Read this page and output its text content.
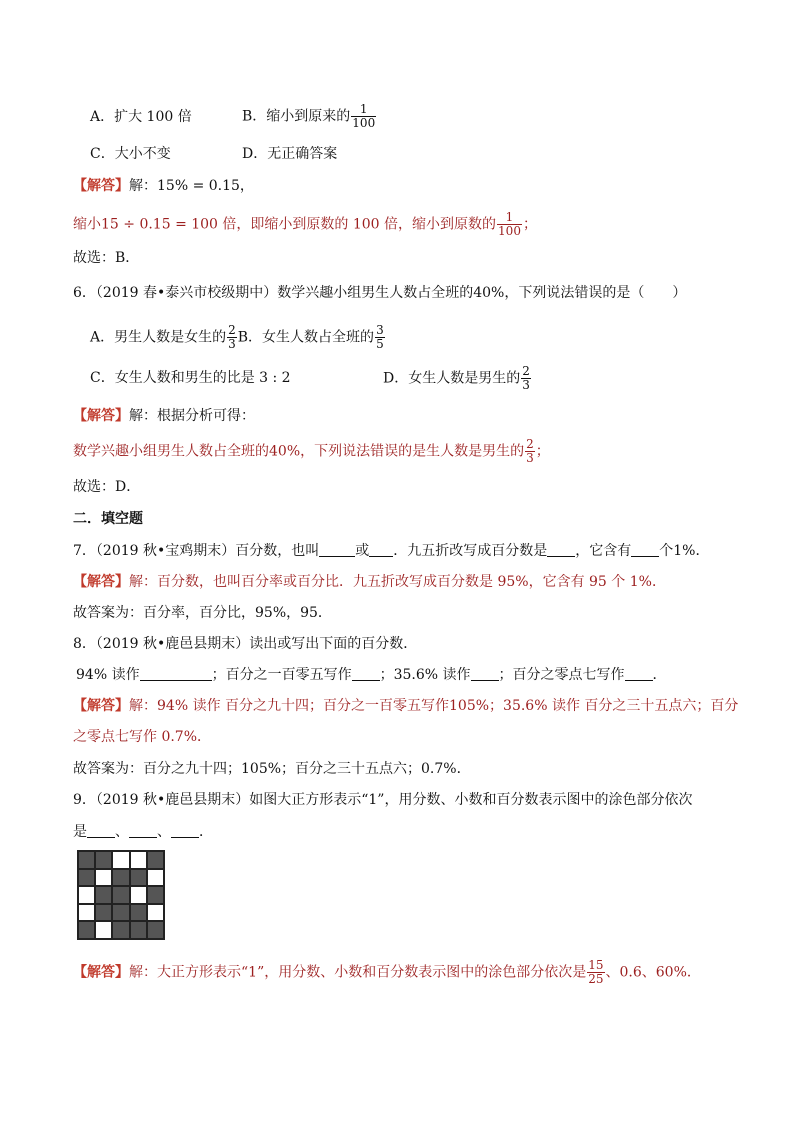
A．扩大 100 倍	B．缩小到原来的 $\frac{1}{100}$
C．大小不变	D．无正确答案
【解答】解：15% = 0.15，
缩小15 ÷ 0.15 = 100 倍，即缩小到原数的 100 倍，缩小到原数的 $\frac{1}{100}$ ；
故选：B．
6．（2019 春•泰兴市校级期中）数学兴趣小组男生人数占全班的40%，下列说法错误的是（　　）
A．男生人数是女生的 $\frac{2}{3}$ B．女生人数占全班的 $\frac{3}{5}$
C．女生人数和男生的比是 3 : 2	D．女生人数是男生的 $\frac{2}{3}$
【解答】解：根据分析可得：
数学兴趣小组男生人数占全班的40%，下列说法错误的是生人数是男生的 $\frac{2}{3}$ ；
故选：D．
二．填空题
7．（2019 秋•宝鸡期末）百分数，也叫	或 ．九五折改写成百分数是 ，它含有 个1%．
【解答】解：百分数，也叫百分率或百分比．九五折改写成百分数是 95%，它含有 95 个 1%．
故答案为：百分率，百分比，95%，95．
8．（2019 秋•鹿邑县期末）读出或写出下面的百分数．
94% 读作	；百分之一百零五写作 ；35.6% 读作 ；百分之零点七写作 ．
【解答】解：94% 读作 百分之九十四；百分之一百零五写作105%；35.6% 读作 百分之三十五点六；百分
之零点七写作 0.7%．
故答案为：百分之九十四；105%；百分之三十五点六；0.7%．
9．（2019 秋•鹿邑县期末）如图大正方形表示“1”，用分数、小数和百分数表示图中的涂色部分依次
是 、 、 ．
【解答】解：大正方形表示“1”，用分数、小数和百分数表示图中的涂色部分依次是 $\frac{15}{25}$ 、0.6、60%．
